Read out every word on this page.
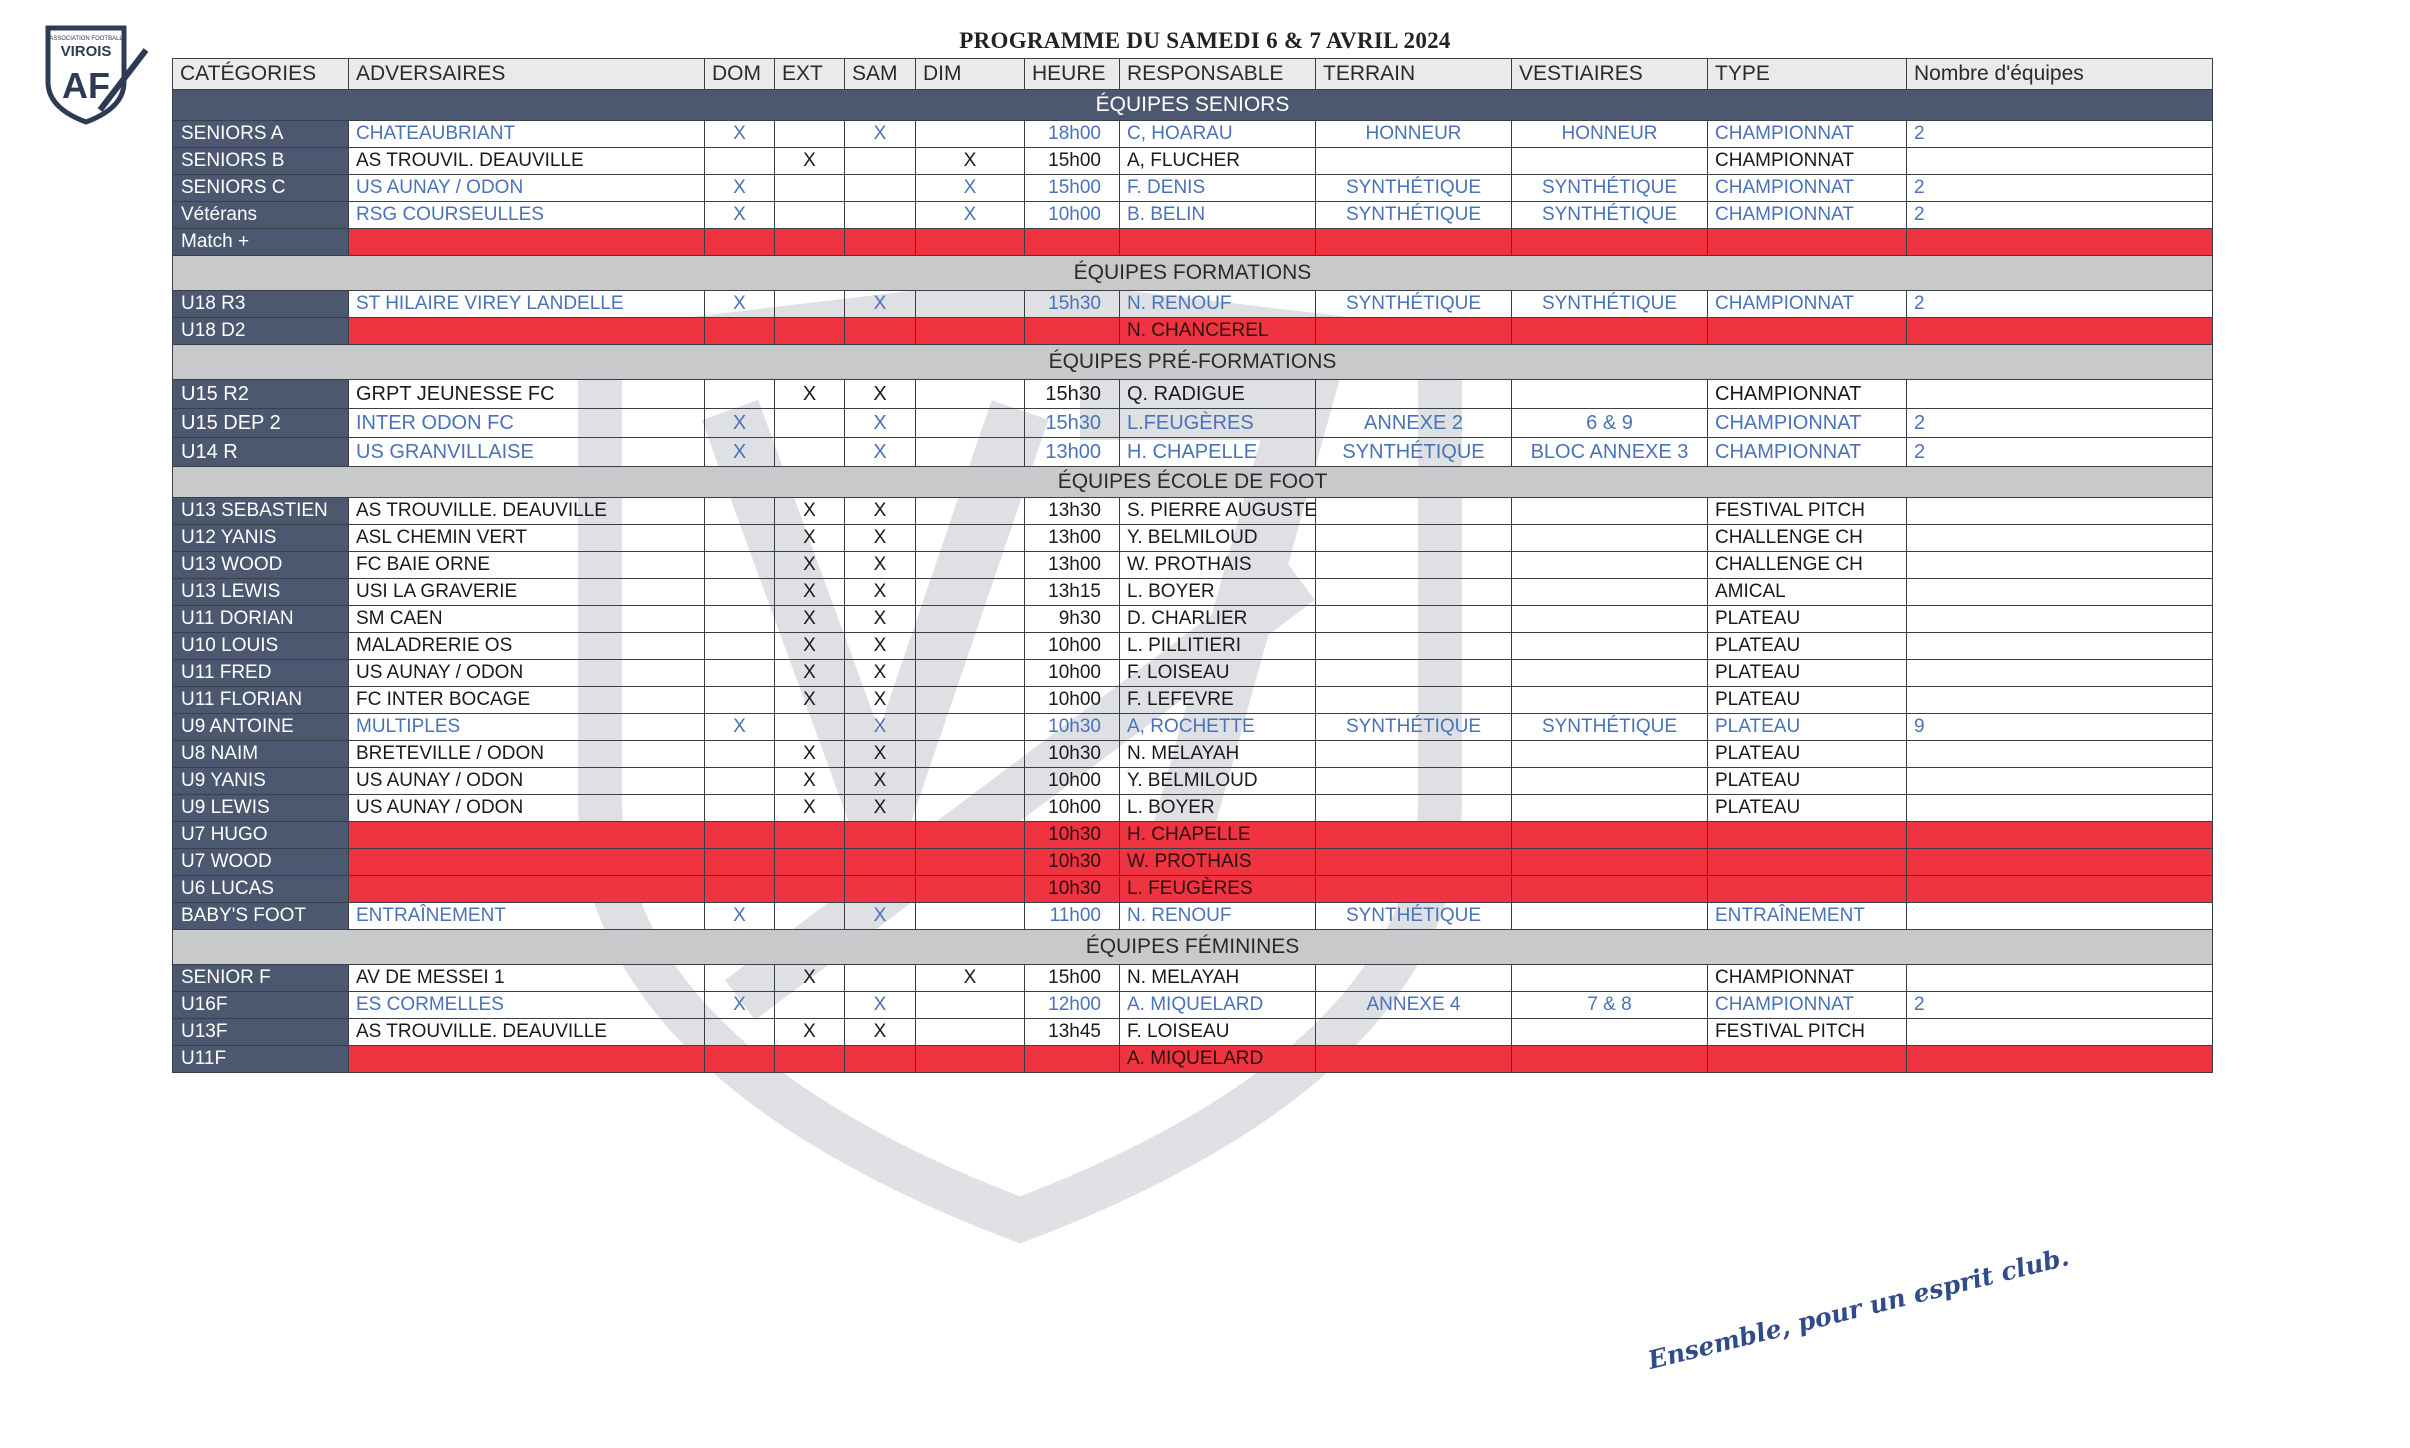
ASSOCIATION FOOTBALL
VIROIS
AF
PROGRAMME DU SAMEDI 6 & 7 AVRIL 2024
CATÉGORIES	ADVERSAIRES	DOM	EXT	SAM	DIM	HEURE	RESPONSABLE	TERRAIN	VESTIAIRES	TYPE	Nombre d'équipes
ÉQUIPES SENIORS											
SENIORS A	CHATEAUBRIANT	X		X		18h00	C, HOARAU	HONNEUR	HONNEUR	CHAMPIONNAT	2
SENIORS B	AS TROUVIL. DEAUVILLE		X		X	15h00	A, FLUCHER			CHAMPIONNAT	
SENIORS C	US AUNAY / ODON	X			X	15h00	F. DENIS	SYNTHÉTIQUE	SYNTHÉTIQUE	CHAMPIONNAT	2
Vétérans	RSG COURSEULLES	X			X	10h00	B. BELIN	SYNTHÉTIQUE	SYNTHÉTIQUE	CHAMPIONNAT	2
Match +											
ÉQUIPES FORMATIONS											
U18 R3	ST HILAIRE VIREY LANDELLE	X		X		15h30	N. RENOUF	SYNTHÉTIQUE	SYNTHÉTIQUE	CHAMPIONNAT	2
U18 D2							N. CHANCEREL				
ÉQUIPES PRÉ-FORMATIONS											
U15 R2	GRPT JEUNESSE FC		X	X		15h30	Q. RADIGUE			CHAMPIONNAT	
U15 DEP 2	INTER ODON FC	X		X		15h30	L.FEUGÈRES	ANNEXE 2	6 & 9	CHAMPIONNAT	2
U14 R	US GRANVILLAISE	X		X		13h00	H. CHAPELLE	SYNTHÉTIQUE	BLOC ANNEXE 3	CHAMPIONNAT	2
ÉQUIPES ÉCOLE DE FOOT											
U13 SEBASTIEN	AS TROUVILLE. DEAUVILLE		X	X		13h30	S. PIERRE AUGUSTE			FESTIVAL PITCH	
U12 YANIS	ASL CHEMIN VERT		X	X		13h00	Y. BELMILOUD			CHALLENGE CH	
U13 WOOD	FC BAIE ORNE		X	X		13h00	W. PROTHAIS			CHALLENGE CH	
U13 LEWIS	USI LA GRAVERIE		X	X		13h15	L. BOYER			AMICAL	
U11 DORIAN	SM CAEN		X	X		9h30	D. CHARLIER			PLATEAU	
U10 LOUIS	MALADRERIE OS		X	X		10h00	L. PILLITIERI			PLATEAU	
U11 FRED	US AUNAY / ODON		X	X		10h00	F. LOISEAU			PLATEAU	
U11 FLORIAN	FC INTER BOCAGE		X	X		10h00	F. LEFEVRE			PLATEAU	
U9 ANTOINE	MULTIPLES	X		X		10h30	A, ROCHETTE	SYNTHÉTIQUE	SYNTHÉTIQUE	PLATEAU	9
U8 NAIM	BRETEVILLE / ODON		X	X		10h30	N. MELAYAH			PLATEAU	
U9 YANIS	US AUNAY / ODON		X	X		10h00	Y. BELMILOUD			PLATEAU	
U9 LEWIS	US AUNAY / ODON		X	X		10h00	L. BOYER			PLATEAU	
U7 HUGO						10h30	H. CHAPELLE				
U7 WOOD						10h30	W. PROTHAIS				
U6 LUCAS						10h30	L. FEUGÈRES				
BABY'S FOOT	ENTRAÎNEMENT	X		X		11h00	N. RENOUF	SYNTHÉTIQUE		ENTRAÎNEMENT	
ÉQUIPES FÉMININES											
SENIOR F	AV DE MESSEI 1		X		X	15h00	N. MELAYAH			CHAMPIONNAT	
U16F	ES CORMELLES	X		X		12h00	A. MIQUELARD	ANNEXE 4	7 & 8	CHAMPIONNAT	2
U13F	AS TROUVILLE. DEAUVILLE		X	X		13h45	F. LOISEAU			FESTIVAL PITCH	
U11F							A. MIQUELARD				
Ensemble, pour un esprit club.
